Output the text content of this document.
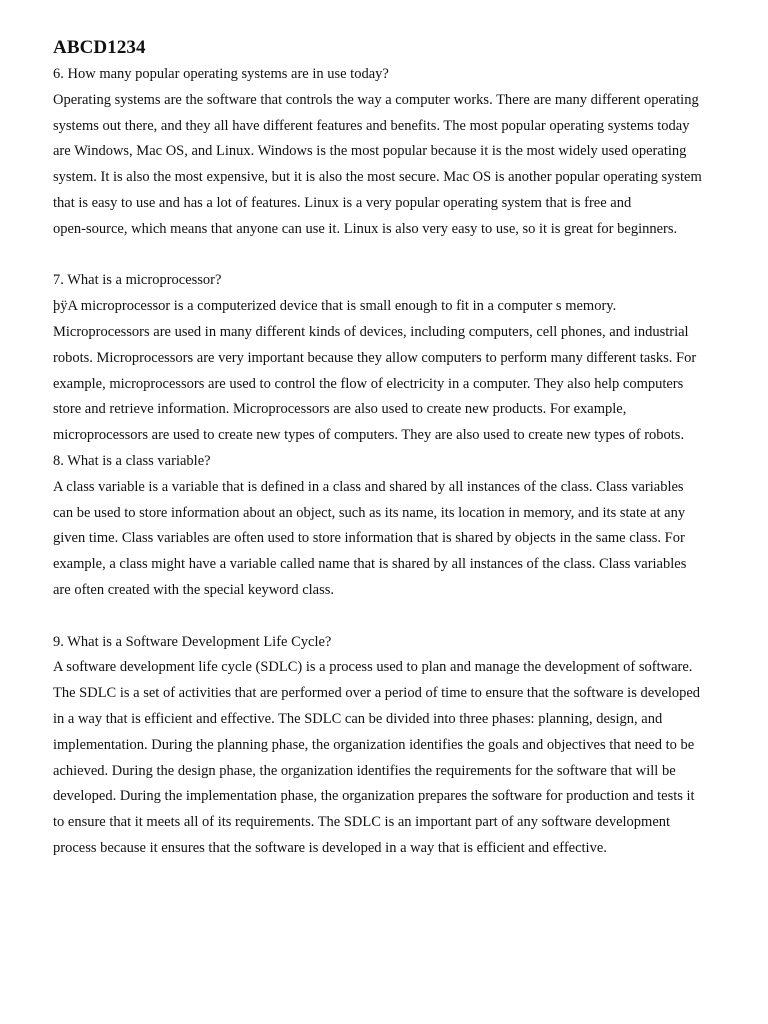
ABCD1234
6. How many popular operating systems are in use today?
Operating systems are the software that controls the way a computer works. There are many different operating
systems out there, and they all have different features and benefits. The most popular operating systems today
are Windows, Mac OS, and Linux. Windows is the most popular because it is the most widely used operating
system. It is also the most expensive, but it is also the most secure. Mac OS is another popular operating system
that is easy to use and has a lot of features. Linux is a very popular operating system that is free and
open-source, which means that anyone can use it. Linux is also very easy to use, so it is great for beginners.
7. What is a microprocessor?
þÿA microprocessor is a computerized device that is small enough to fit in a computer s memory.
Microprocessors are used in many different kinds of devices, including computers, cell phones, and industrial
robots. Microprocessors are very important because they allow computers to perform many different tasks. For
example, microprocessors are used to control the flow of electricity in a computer. They also help computers
store and retrieve information. Microprocessors are also used to create new products. For example,
microprocessors are used to create new types of computers. They are also used to create new types of robots.
8. What is a class variable?
A class variable is a variable that is defined in a class and shared by all instances of the class. Class variables
can be used to store information about an object, such as its name, its location in memory, and its state at any
given time. Class variables are often used to store information that is shared by objects in the same class. For
example, a class might have a variable called name that is shared by all instances of the class. Class variables
are often created with the special keyword class.
9. What is a Software Development Life Cycle?
A software development life cycle (SDLC) is a process used to plan and manage the development of software.
The SDLC is a set of activities that are performed over a period of time to ensure that the software is developed
in a way that is efficient and effective. The SDLC can be divided into three phases: planning, design, and
implementation. During the planning phase, the organization identifies the goals and objectives that need to be
achieved. During the design phase, the organization identifies the requirements for the software that will be
developed. During the implementation phase, the organization prepares the software for production and tests it
to ensure that it meets all of its requirements. The SDLC is an important part of any software development
process because it ensures that the software is developed in a way that is efficient and effective.
